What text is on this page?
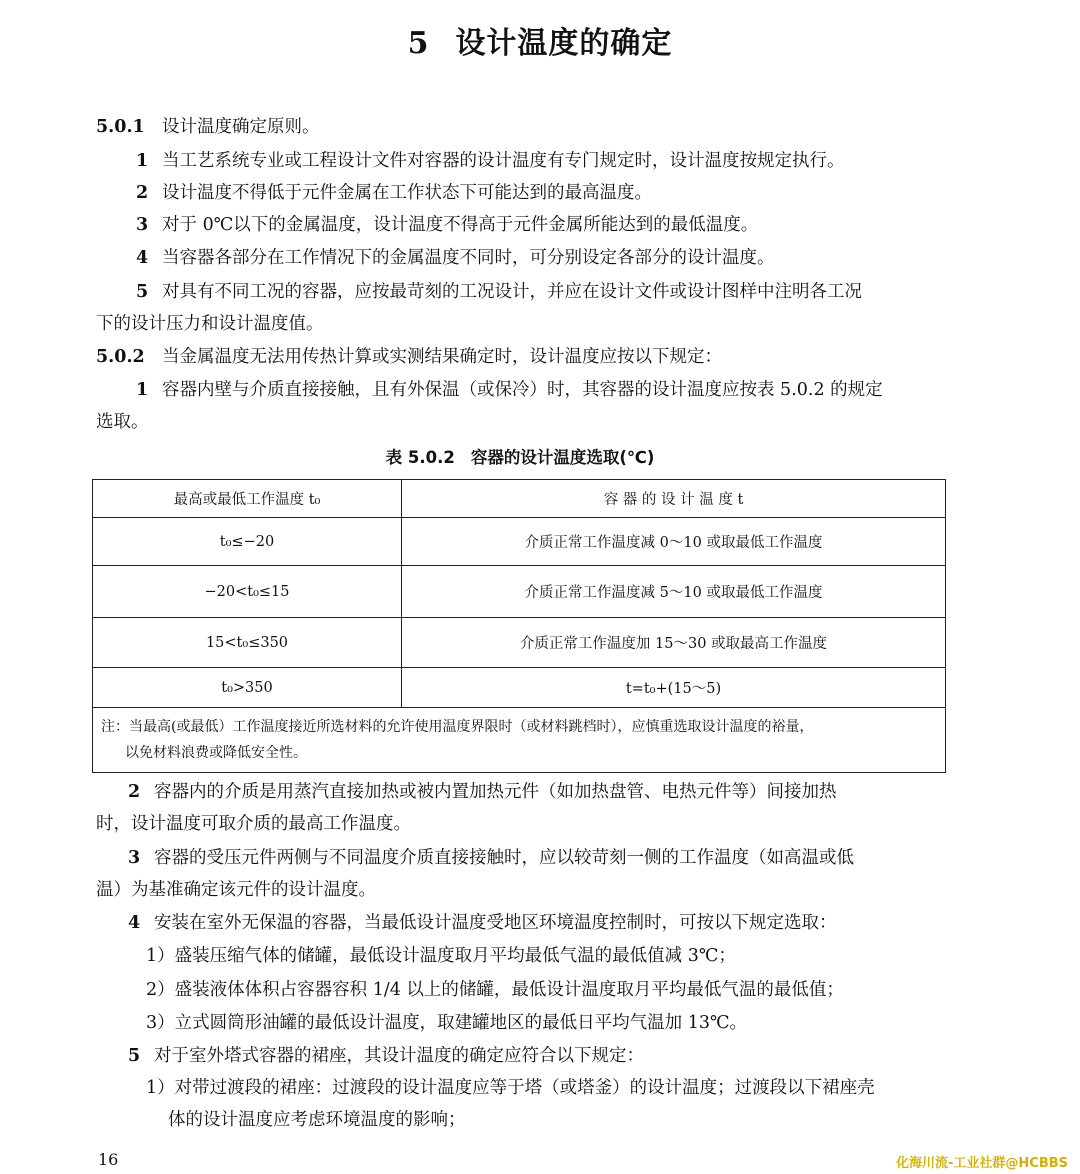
5 设计温度的确定
5.0.1 设计温度确定原则。
1 当工艺系统专业或工程设计文件对容器的设计温度有专门规定时，设计温度按规定执行。
2 设计温度不得低于元件金属在工作状态下可能达到的最高温度。
3 对于 0℃以下的金属温度，设计温度不得高于元件金属所能达到的最低温度。
4 当容器各部分在工作情况下的金属温度不同时，可分别设定各部分的设计温度。
5 对具有不同工况的容器，应按最苛刻的工况设计，并应在设计文件或设计图样中注明各工况
下的设计压力和设计温度值。
5.0.2 当金属温度无法用传热计算或实测结果确定时，设计温度应按以下规定：
1 容器内壁与介质直接接触，且有外保温（或保冷）时，其容器的设计温度应按表 5.0.2 的规定
选取。
表 5.0.2 容器的设计温度选取(℃)
最高或最低工作温度 t₀	容 器 的 设 计 温 度 t
t₀≤−20	介质正常工作温度减 0～10 或取最低工作温度
−20<t₀≤15	介质正常工作温度减 5～10 或取最低工作温度
15<t₀≤350	介质正常工作温度加 15～30 或取最高工作温度
t₀>350	t=t₀+(15～5)

注：当最高(或最低）工作温度接近所选材料的允许使用温度界限时（或材料跳档时），应慎重选取设计温度的裕量，
以免材料浪费或降低安全性。	
2 容器内的介质是用蒸汽直接加热或被内置加热元件（如加热盘管、电热元件等）间接加热
时，设计温度可取介质的最高工作温度。
3 容器的受压元件两侧与不同温度介质直接接触时，应以较苛刻一侧的工作温度（如高温或低
温）为基准确定该元件的设计温度。
4 安装在室外无保温的容器，当最低设计温度受地区环境温度控制时，可按以下规定选取：
1）盛装压缩气体的储罐，最低设计温度取月平均最低气温的最低值减 3℃；
2）盛装液体体积占容器容积 1/4 以上的储罐，最低设计温度取月平均最低气温的最低值；
3）立式圆筒形油罐的最低设计温度，取建罐地区的最低日平均气温加 13℃。
5 对于室外塔式容器的裙座，其设计温度的确定应符合以下规定：
1）对带过渡段的裙座：过渡段的设计温度应等于塔（或塔釜）的设计温度；过渡段以下裙座壳
体的设计温度应考虑环境温度的影响；
16	化海川流-工业社群@HCBBS
